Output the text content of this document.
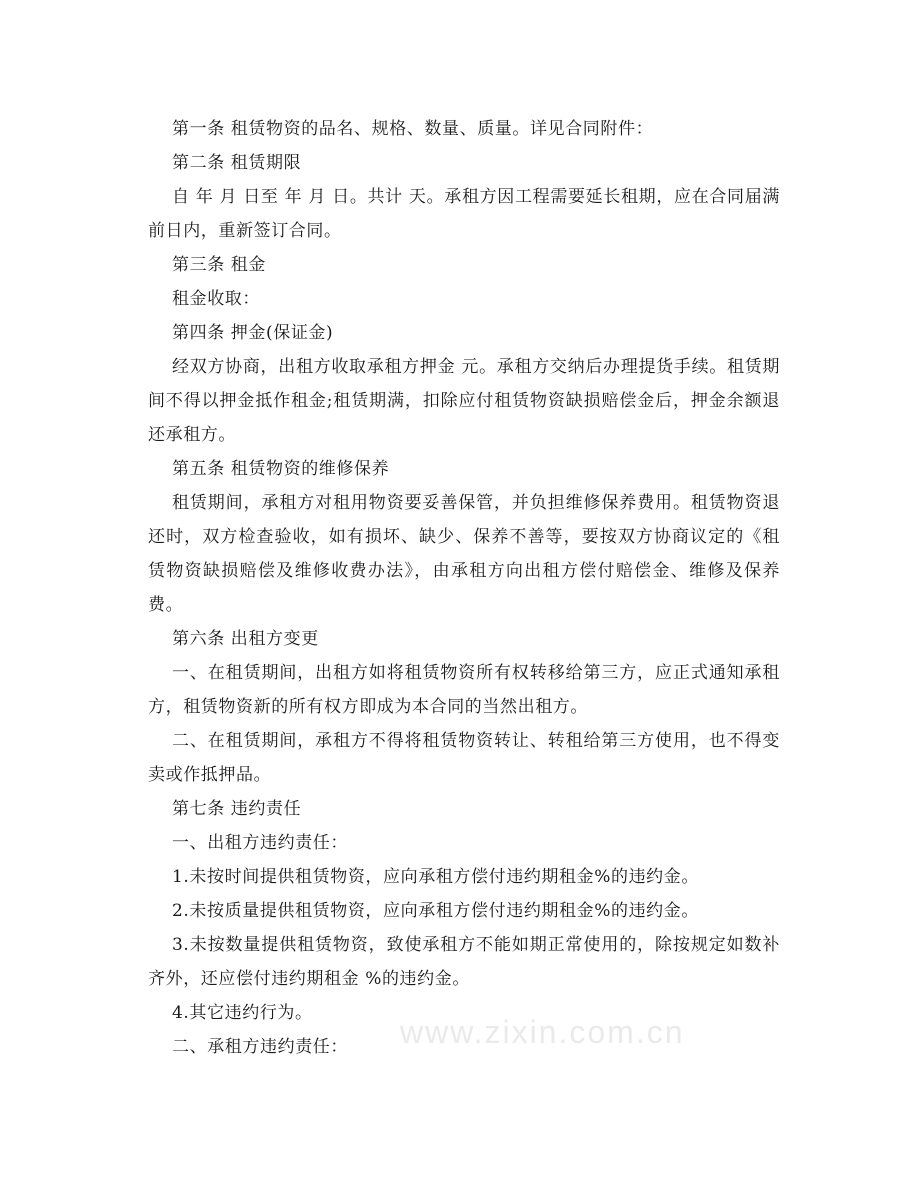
第一条 租赁物资的品名、规格、数量、质量。详见合同附件：

第二条 租赁期限

自 年 月 日至 年 月 日。共计 天。承租方因工程需要延长租期，应在合同届满前日内，重新签订合同。

第三条 租金

租金收取：

第四条 押金(保证金)

经双方协商，出租方收取承租方押金 元。承租方交纳后办理提货手续。租赁期间不得以押金抵作租金;租赁期满，扣除应付租赁物资缺损赔偿金后，押金余额退还承租方。

第五条 租赁物资的维修保养

租赁期间，承租方对租用物资要妥善保管，并负担维修保养费用。租赁物资退还时，双方检查验收，如有损坏、缺少、保养不善等，要按双方协商议定的《租赁物资缺损赔偿及维修收费办法》，由承租方向出租方偿付赔偿金、维修及保养费。

第六条 出租方变更

一、在租赁期间，出租方如将租赁物资所有权转移给第三方，应正式通知承租方，租赁物资新的所有权方即成为本合同的当然出租方。

二、在租赁期间，承租方不得将租赁物资转让、转租给第三方使用，也不得变卖或作抵押品。

第七条 违约责任

一、出租方违约责任：

1.未按时间提供租赁物资，应向承租方偿付违约期租金%的违约金。

2.未按质量提供租赁物资，应向承租方偿付违约期租金%的违约金。

3.未按数量提供租赁物资，致使承租方不能如期正常使用的，除按规定如数补齐外，还应偿付违约期租金 %的违约金。

4.其它违约行为。

二、承租方违约责任：	www.zixin.com.cn
